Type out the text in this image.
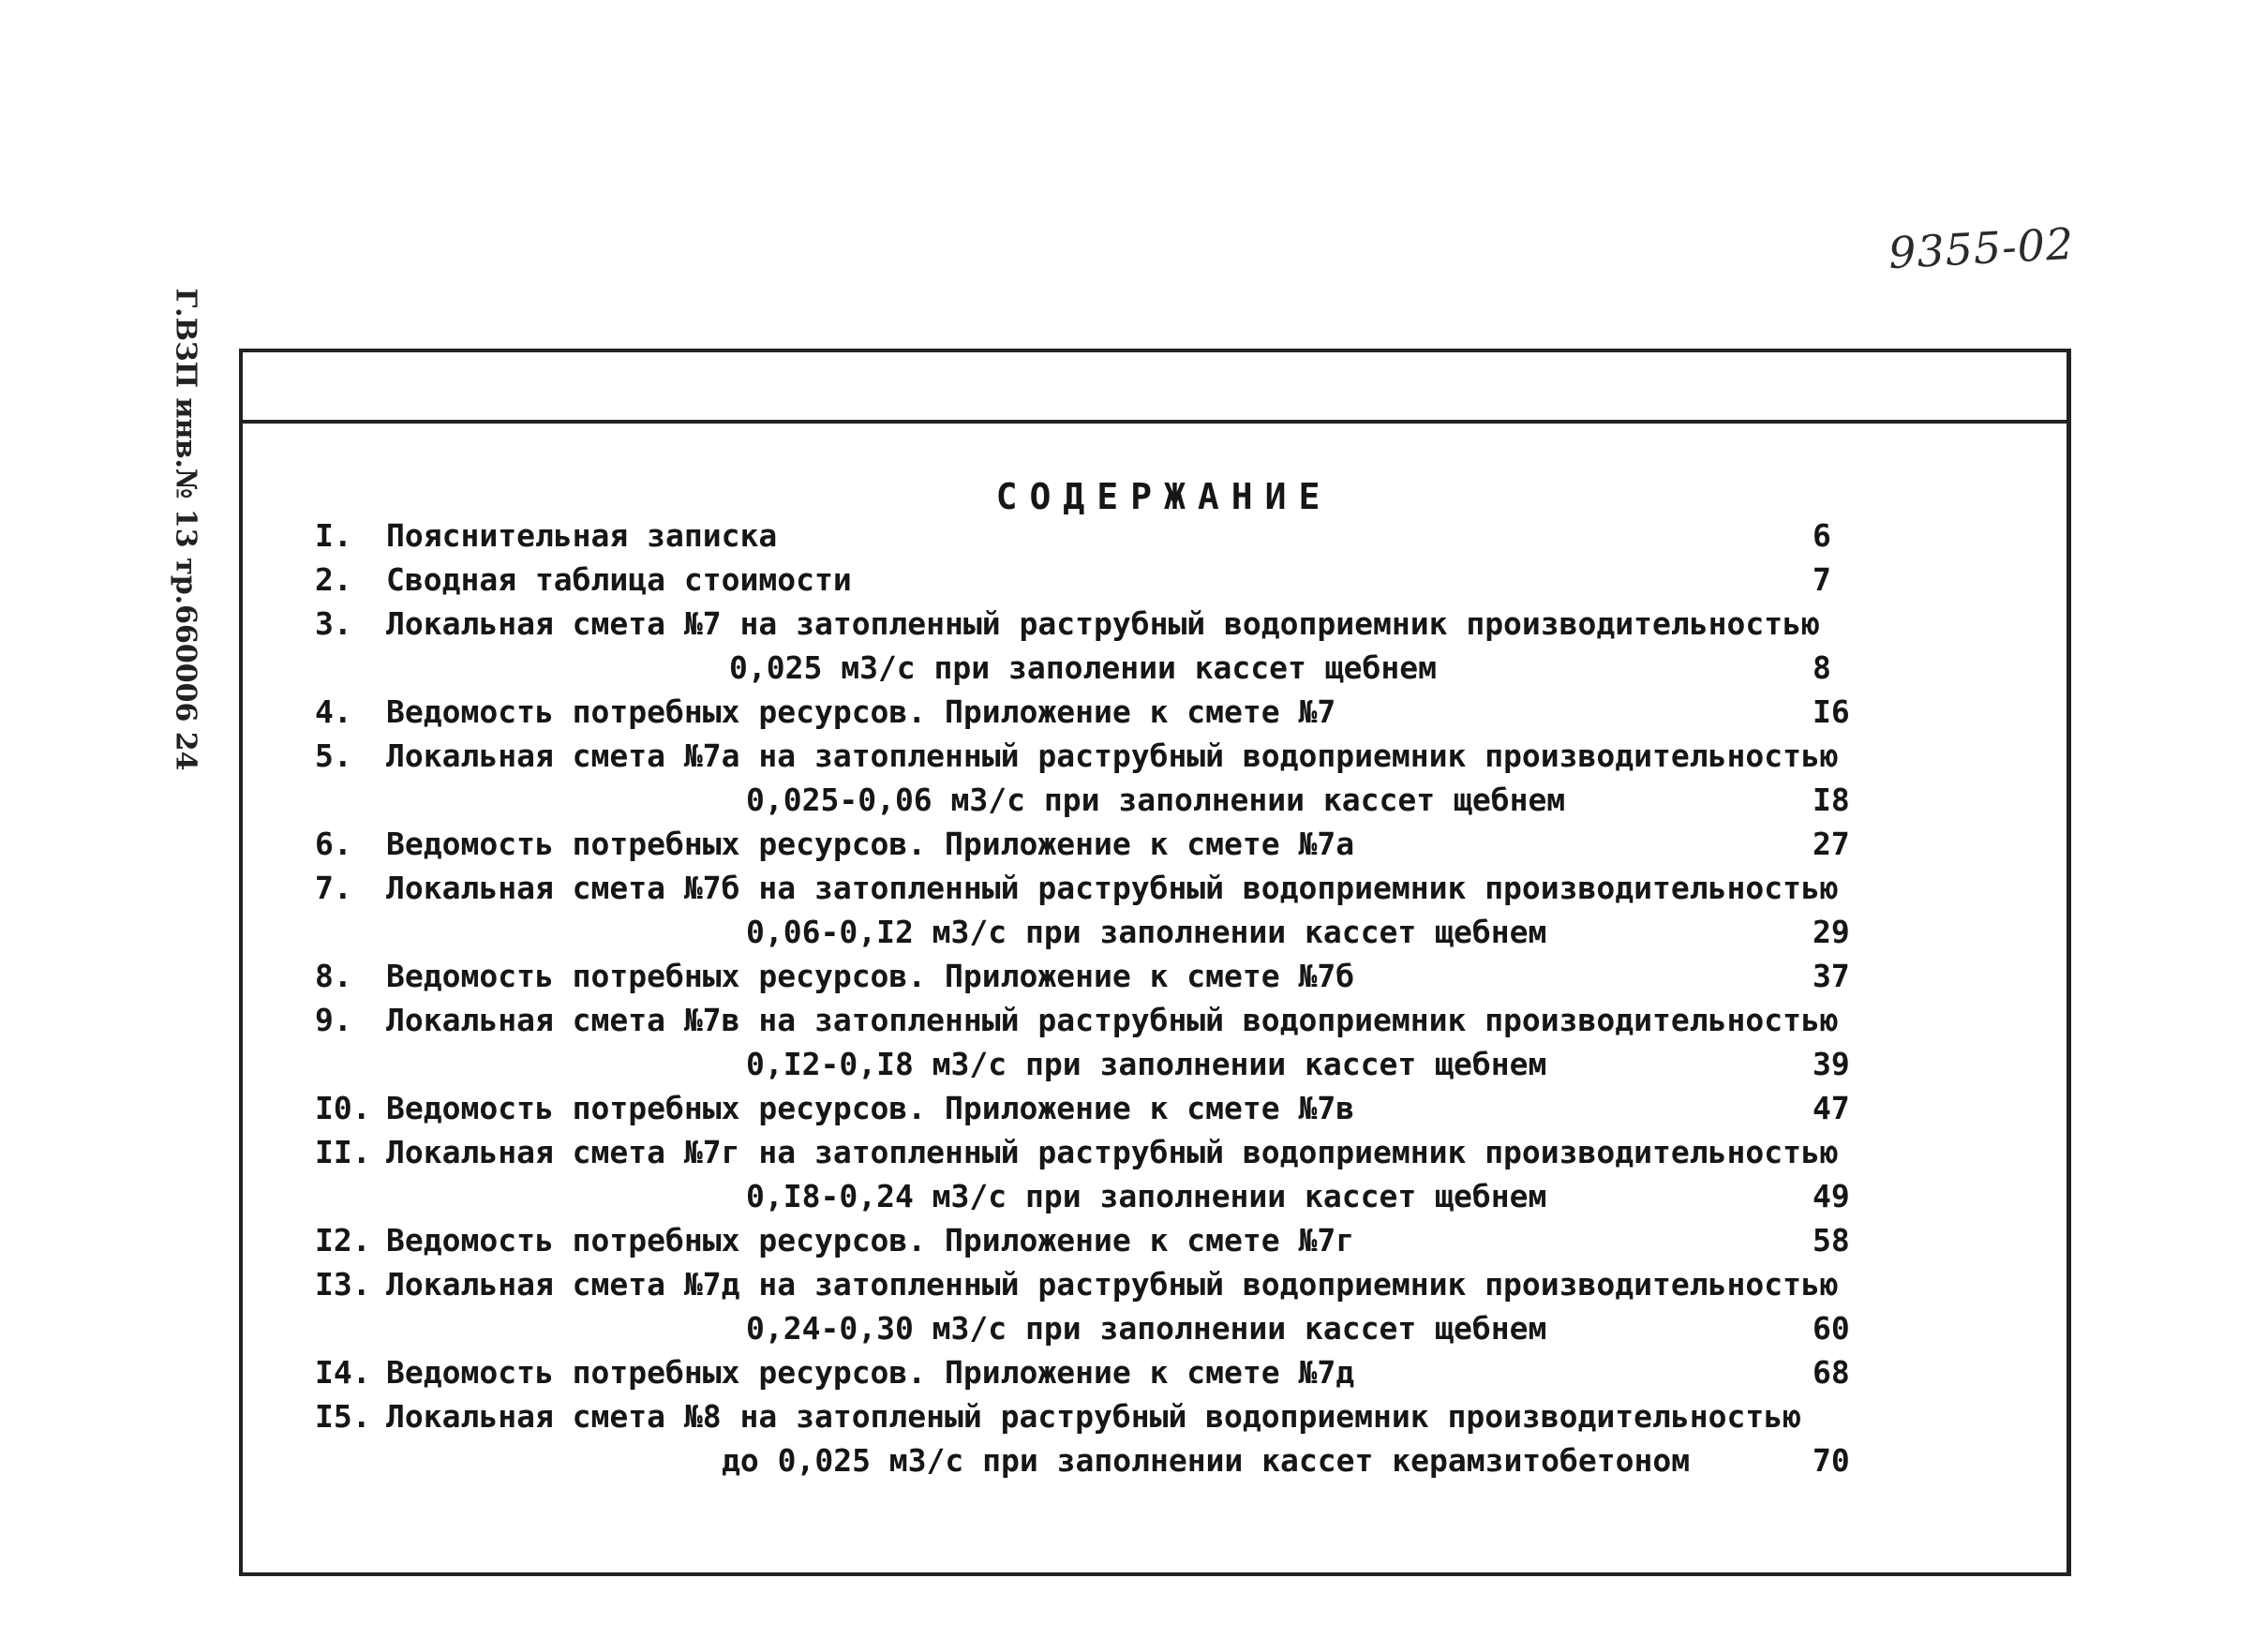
9355-02
Г.ВЗП инв.№ 13 тр.660006 24	СОДЕРЖАНИЕ
I. Пояснительная записка	6
2. Сводная таблица стоимости	7
3. Локальная смета №7 на затопленный раструбный водоприемник производительностью
0,025 м3/с при заполении кассет щебнем	8
4. Ведомость потребных ресурсов. Приложение к смете №7	I6
5. Локальная смета №7а на затопленный раструбный водоприемник производительностью
0,025-0,06 м3/с при заполнении кассет щебнем	I8
6. Ведомость потребных ресурсов. Приложение к смете №7а	27
7. Локальная смета №7б на затопленный раструбный водоприемник производительностью
0,06-0,I2 м3/с при заполнении кассет щебнем	29
8. Ведомость потребных ресурсов. Приложение к смете №7б	37
9. Локальная смета №7в на затопленный раструбный водоприемник производительностью
0,I2-0,I8 м3/с при заполнении кассет щебнем	39
I0. Ведомость потребных ресурсов. Приложение к смете №7в	47
II. Локальная смета №7г на затопленный раструбный водоприемник производительностью
0,I8-0,24 м3/с при заполнении кассет щебнем	49
I2. Ведомость потребных ресурсов. Приложение к смете №7г	58
I3. Локальная смета №7д на затопленный раструбный водоприемник производительностью
0,24-0,30 м3/с при заполнении кассет щебнем	60
I4. Ведомость потребных ресурсов. Приложение к смете №7д	68
I5. Локальная смета №8 на затопленый раструбный водоприемник производительностью
до 0,025 м3/с при заполнении кассет керамзитобетоном	70
